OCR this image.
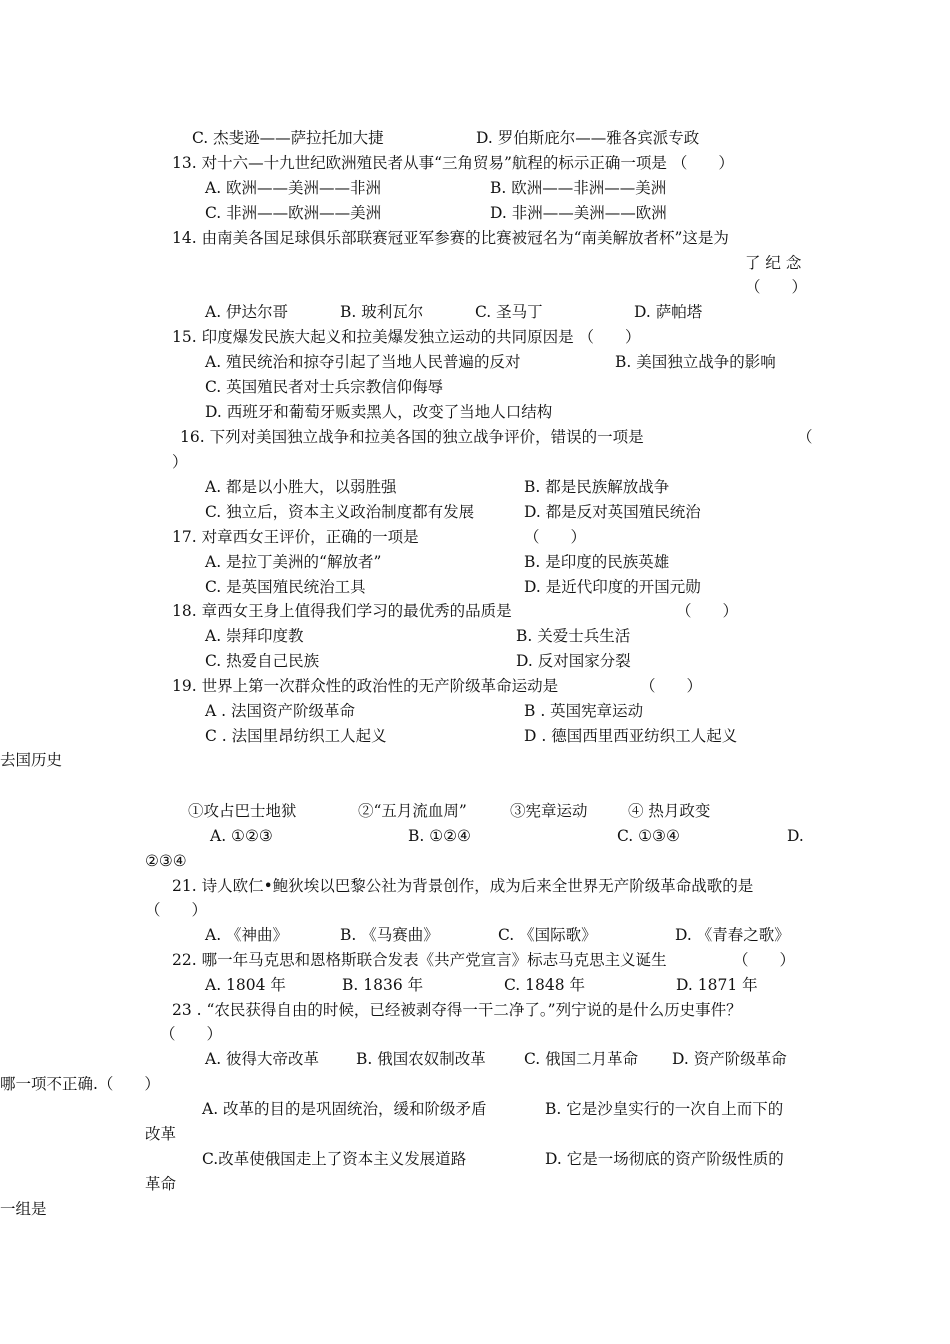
C. 杰斐逊——萨拉托加大捷	D. 罗伯斯庇尔——雅各宾派专政
13. 对十六—十九世纪欧洲殖民者从事“三角贸易”航程的标示正确一项是 （　　）
A. 欧洲——美洲——非洲	B. 欧洲——非洲——美洲
C. 非洲——欧洲——美洲	D. 非洲——美洲——欧洲
14. 由南美各国足球俱乐部联赛冠亚军参赛的比赛被冠名为“南美解放者杯”这是为
了 纪 念
（　　）
A. 伊达尔哥	B. 玻利瓦尔	C. 圣马丁	D. 萨帕塔
15. 印度爆发民族大起义和拉美爆发独立运动的共同原因是 （　　）
A. 殖民统治和掠夺引起了当地人民普遍的反对	B. 美国独立战争的影响
C. 英国殖民者对士兵宗教信仰侮辱
D. 西班牙和葡萄牙贩卖黑人，改变了当地人口结构
16. 下列对美国独立战争和拉美各国的独立战争评价，错误的一项是	（
）
A. 都是以小胜大，以弱胜强	B. 都是民族解放战争
C. 独立后，资本主义政治制度都有发展	D. 都是反对英国殖民统治
17. 对章西女王评价，正确的一项是	（　　）
A. 是拉丁美洲的“解放者”	B. 是印度的民族英雄
C. 是英国殖民统治工具	D. 是近代印度的开国元勋
18. 章西女王身上值得我们学习的最优秀的品质是	（　　）
A. 崇拜印度教	B. 关爱士兵生活
C. 热爱自己民族	D. 反对国家分裂
19. 世界上第一次群众性的政治性的无产阶级革命运动是	（　　）
A . 法国资产阶级革命	B . 英国宪章运动
C . 法国里昂纺织工人起义	D . 德国西里西亚纺织工人起义
去国历史
①攻占巴士地狱	②“五月流血周”	③宪章运动	④ 热月政变
A. ①②③	B. ①②④	C. ①③④	D.
②③④
21. 诗人欧仁•鲍狄埃以巴黎公社为背景创作，成为后来全世界无产阶级革命战歌的是
（　　）
A. 《神曲》	B. 《马赛曲》	C. 《国际歌》	D. 《青春之歌》
22. 哪一年马克思和恩格斯联合发表《共产党宣言》标志马克思主义诞生	（　　）
A. 1804 年	B. 1836 年	C. 1848 年	D. 1871 年
23 . “农民获得自由的时候，已经被剥夺得一干二净了。”列宁说的是什么历史事件？
（　　）
A. 彼得大帝改革 B. 俄国农奴制改革 C. 俄国二月革命 D. 资产阶级革命
哪一项不正确.（　　）
A. 改革的目的是巩固统治，缓和阶级矛盾	B. 它是沙皇实行的一次自上而下的
改革
C.改革使俄国走上了资本主义发展道路	D. 它是一场彻底的资产阶级性质的
革命
一组是
